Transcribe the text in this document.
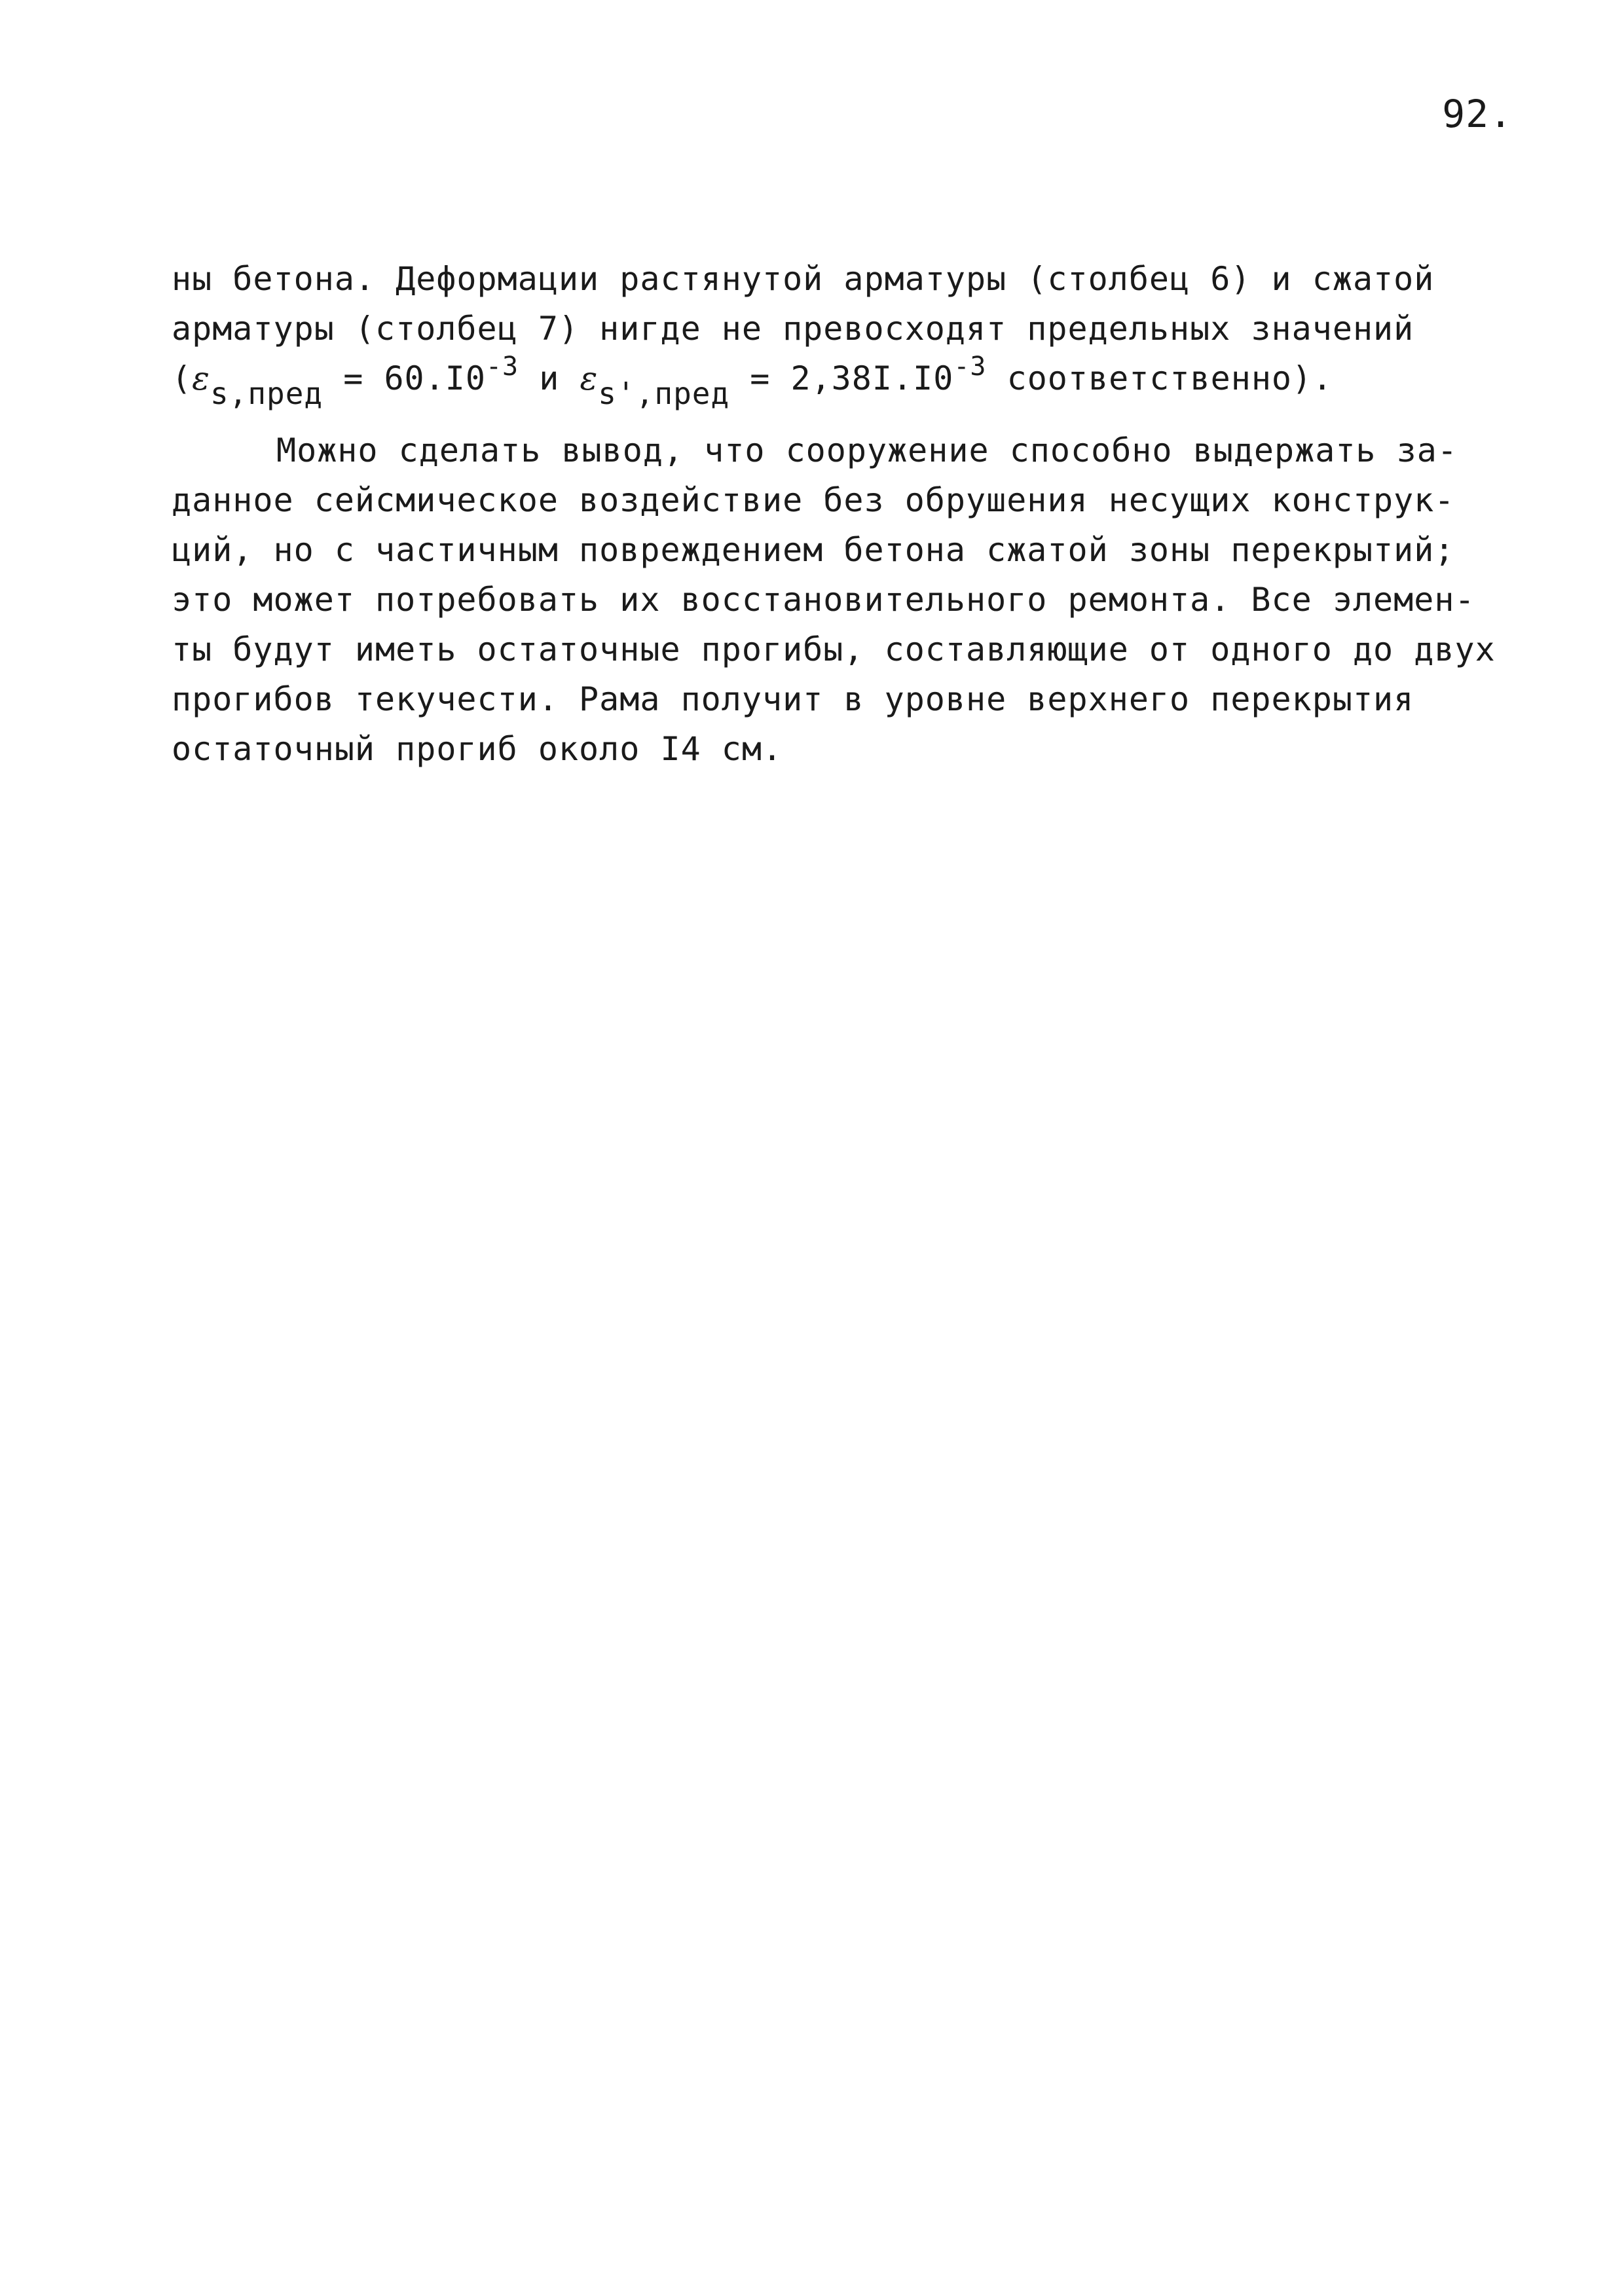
92.
ны бетона. Деформации растянутой арматуры (столбец 6) и сжатой
арматуры (столбец 7) нигде не превосходят предельных значений
(εs,пред = $60.I0^{-3}$ и εs',пред = $2,38I.I0^{-3}$ соответственно).
Можно сделать вывод, что сооружение способно выдержать за-
данное сейсмическое воздействие без обрушения несущих конструк-
ций, но с частичным повреждением бетона сжатой зоны перекрытий;
это может потребовать их восстановительного ремонта. Все элемен-
ты будут иметь остаточные прогибы, составляющие от одного до двух
прогибов текучести. Рама получит в уровне верхнего перекрытия
остаточный прогиб около I4 см.
